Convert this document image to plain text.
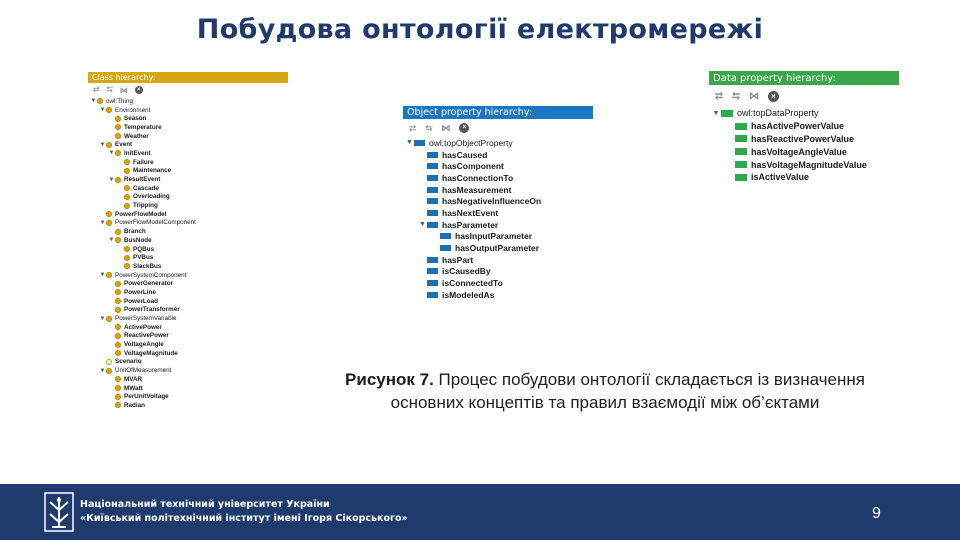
Побудова онтології електромережі
Class hierarchy:
⮂ ⮀ ⋈	×
▼ owl:Thing
▼ Environment
Season
Temperature
Weather
▼ Event
▼ InitEvent
Failure
Maintenance
▼ ResultEvent
Cascade
Overloading
Tripping
PowerFlowModel
▼ PowerFlowModelComponent
Branch
▼ BusNode
PQBus
PVBus
SlackBus
▼ PowerSystemComponent
PowerGenerator
PowerLine
PowerLoad
PowerTransformer
▼ PowerSystemVariable
ActivePower
ReactivePower
VoltageAngle
VoltageMagnitude
Scenario
▼ UnitOfMeasurement
MVAR
MWatt
PerUnitVoltage
Radian
Object property hierarchy:
⮂ ⮀ ⋈	×
▼ owl:topObjectProperty
hasCaused
hasComponent
hasConnectionTo
hasMeasurement
hasNegativeInfluenceOn
hasNextEvent
▼ hasParameter
hasInputParameter
hasOutputParameter
hasPart
isCausedBy
isConnectedTo
isModeledAs
Data property hierarchy:
⮂ ⮀ ⋈	×
▼ owl:topDataProperty
hasActivePowerValue
hasReactivePowerValue
hasVoltageAngleValue
hasVoltageMagnitudeValue
isActiveValue
Рисунок 7. Процес побудови онтології складається із визначення
основних концептів та правил взаємодії між об’єктами
Національний технічний університет України
«Київський політехнічний інститут імені Ігоря Сікорського»	9
